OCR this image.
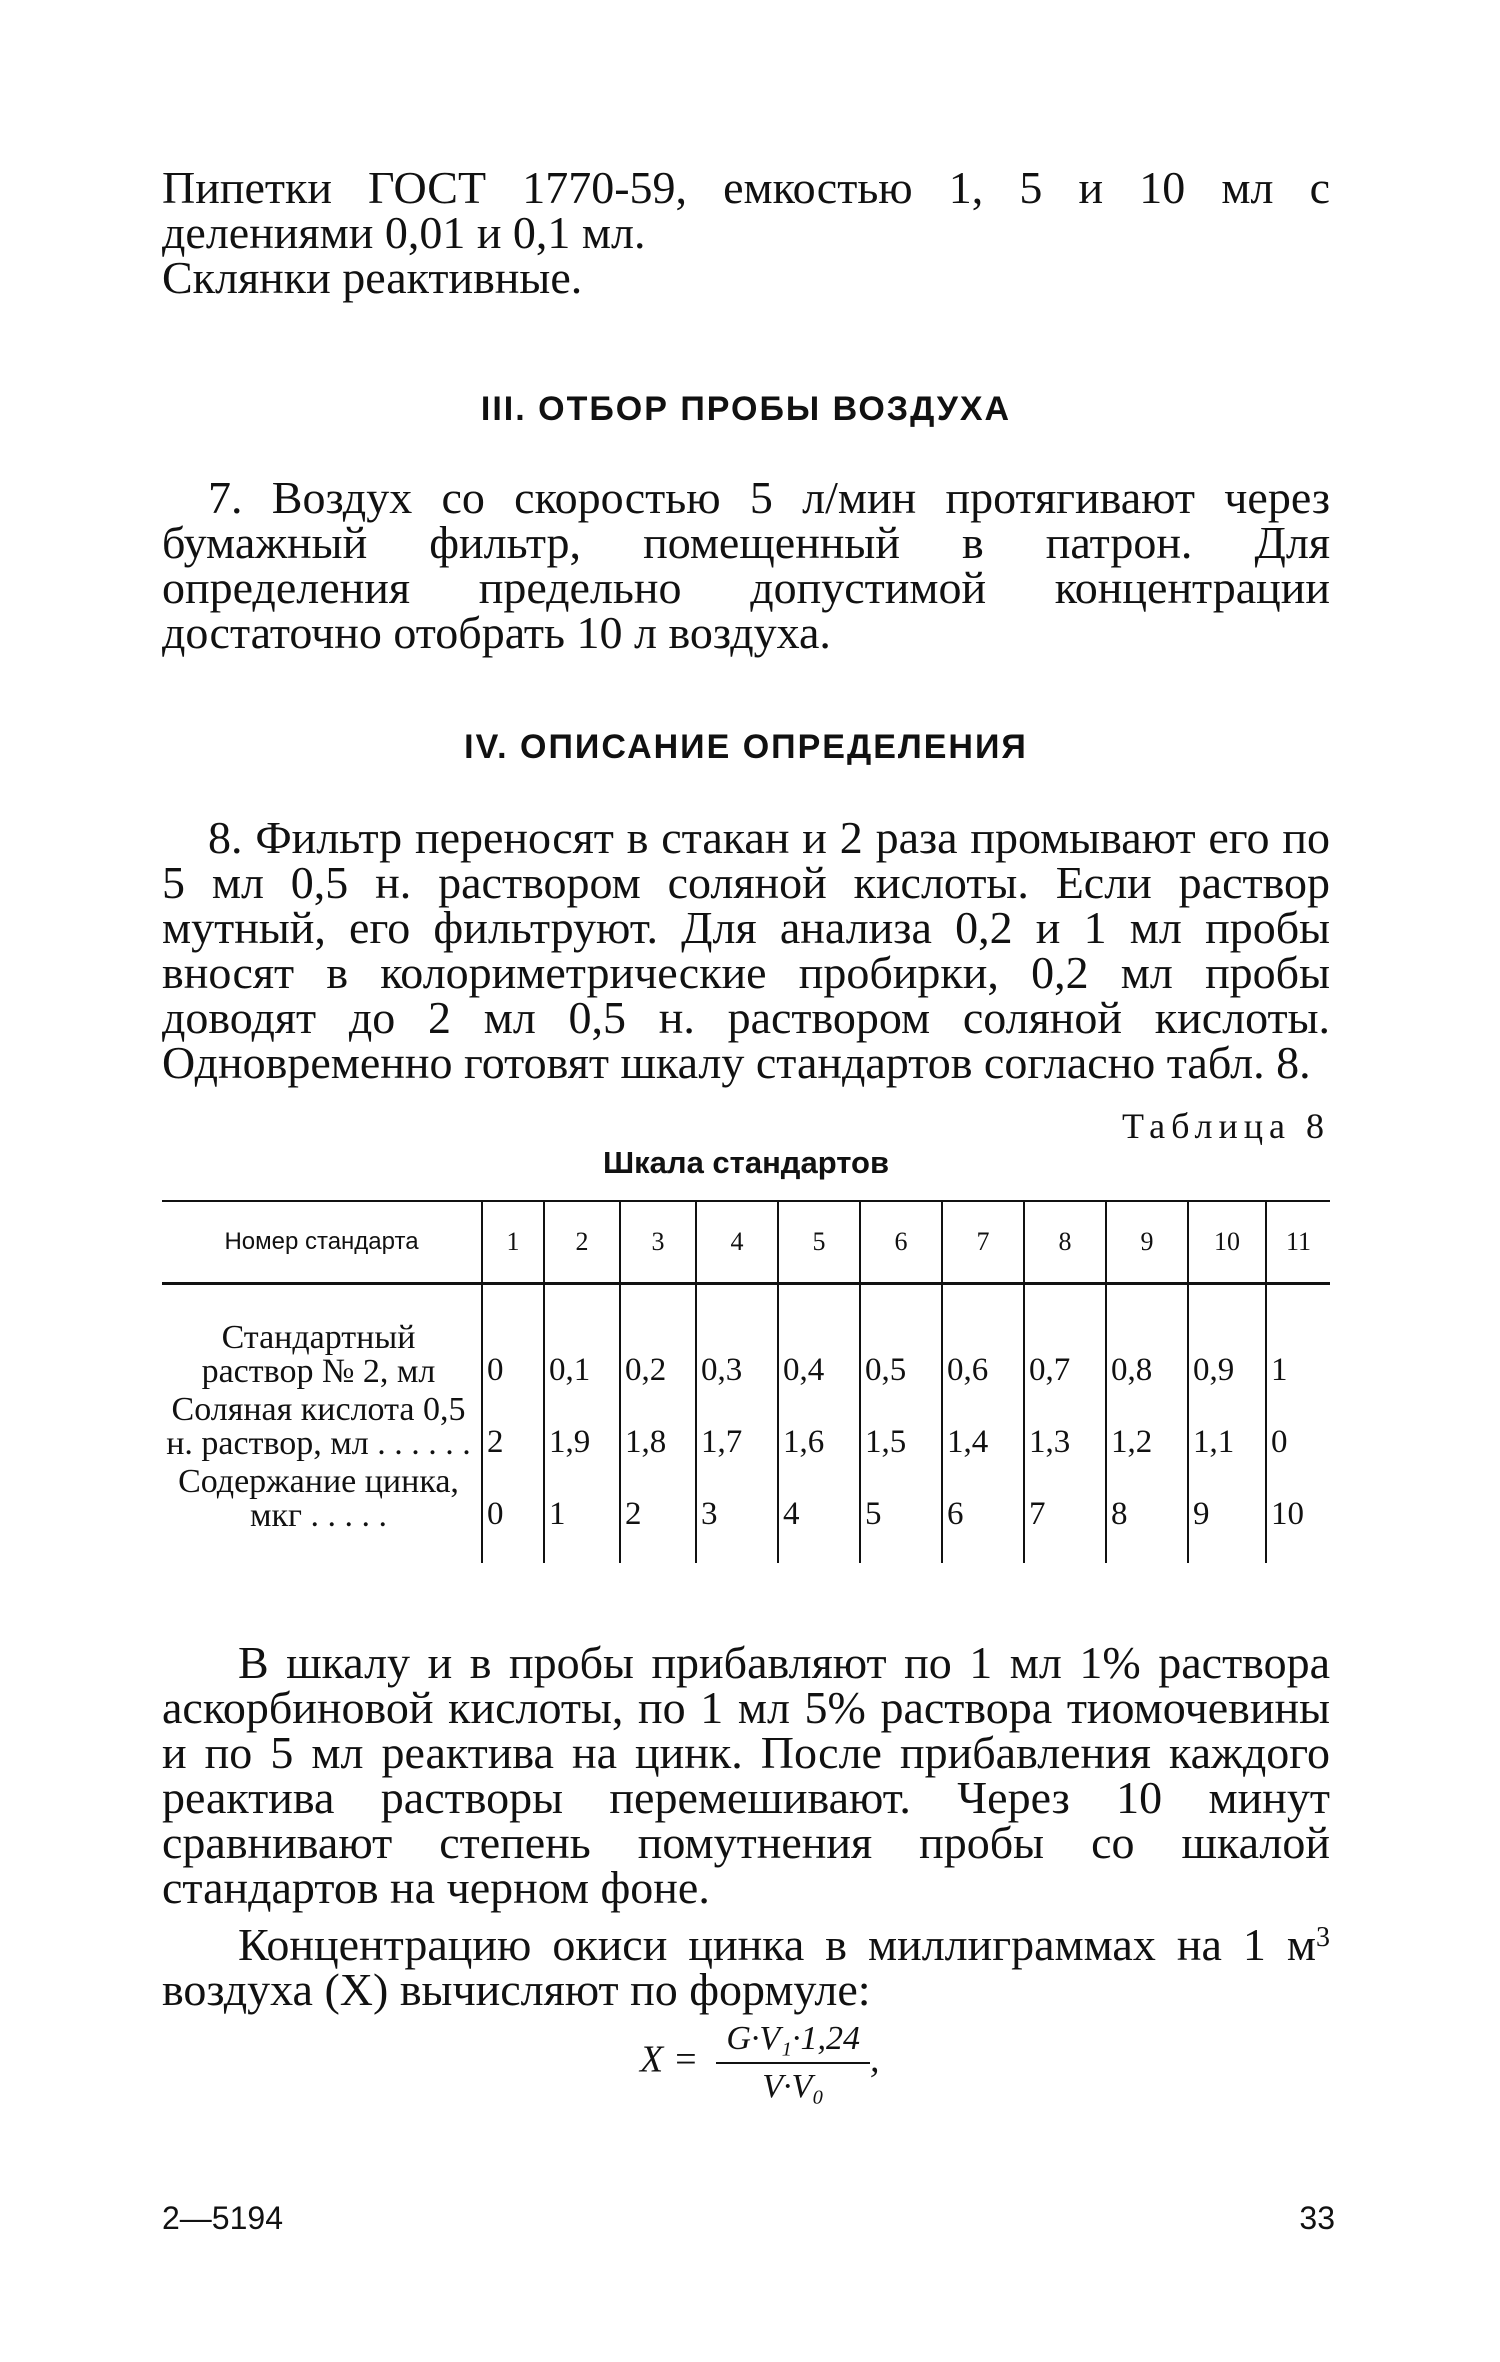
Пипетки ГОСТ 1770-59, емкостью 1, 5 и 10 мл с делениями 0,01 и 0,1 мл.
Склянки реактивные.
III. ОТБОР ПРОБЫ ВОЗДУХА
7. Воздух со скоростью 5 л/мин протягивают через бумажный фильтр, помещенный в патрон. Для определения предельно допустимой концентрации достаточно отобрать 10 л воздуха.
IV. ОПИСАНИЕ ОПРЕДЕЛЕНИЯ
8. Фильтр переносят в стакан и 2 раза промывают его по 5 мл 0,5 н. раствором соляной кислоты. Если раствор мутный, его фильтруют. Для анализа 0,2 и 1 мл пробы вносят в колориметрические пробирки, 0,2 мл пробы доводят до 2 мл 0,5 н. раствором соляной кислоты. Одновременно готовят шкалу стандартов согласно табл. 8.
Таблица 8
Шкала стандартов
Номер стандарта	1	2	3	4	5	6	7	8	9	10	11
Стандартный раствор № 2, мл	0	0,1	0,2	0,3	0,4	0,5	0,6	0,7	0,8	0,9	1
Соляная кислота 0,5 н. раствор, мл . . . . . .	2	1,9	1,8	1,7	1,6	1,5	1,4	1,3	1,2	1,1	0
Содержание цинка, мкг . . . . .	0	1	2	3	4	5	6	7	8	9	10
В шкалу и в пробы прибавляют по 1 мл 1% раствора аскорбиновой кислоты, по 1 мл 5% раствора тиомочевины и по 5 мл реактива на цинк. После прибавления каждого реактива растворы перемешивают. Через 10 минут сравнивают степень помутнения пробы со шкалой стандартов на черном фоне.
Концентрацию окиси цинка в миллиграммах на 1 $м^3$ воздуха (X) вычисляют по формуле:
$X = \frac{\text{G·V₁·1,24}}{\text{V·V₀}}$ ,
2—5194	33
